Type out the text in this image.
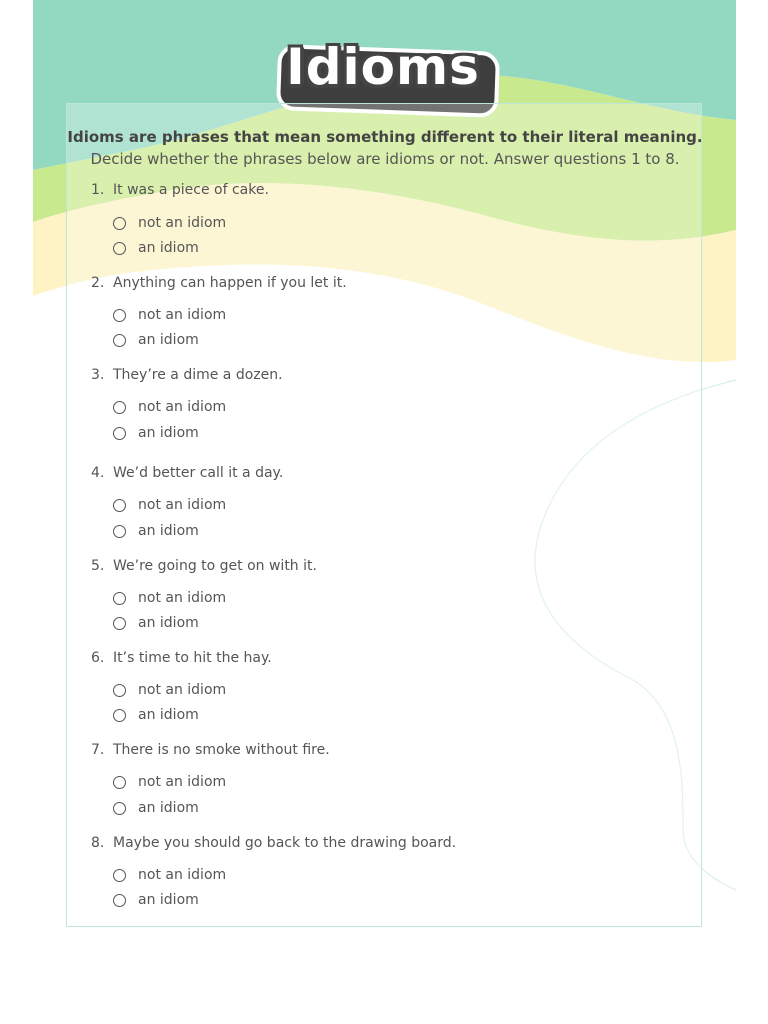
Idioms
Idioms are phrases that mean something different to their literal meaning.
Decide whether the phrases below are idioms or not. Answer questions 1 to 8.
1. It was a piece of cake.
not an idiom
an idiom
2. Anything can happen if you let it.
not an idiom
an idiom
3. They’re a dime a dozen.
not an idiom
an idiom
4. We’d better call it a day.
not an idiom
an idiom
5. We’re going to get on with it.
not an idiom
an idiom
6. It’s time to hit the hay.
not an idiom
an idiom
7. There is no smoke without fire.
not an idiom
an idiom
8. Maybe you should go back to the drawing board.
not an idiom
an idiom
